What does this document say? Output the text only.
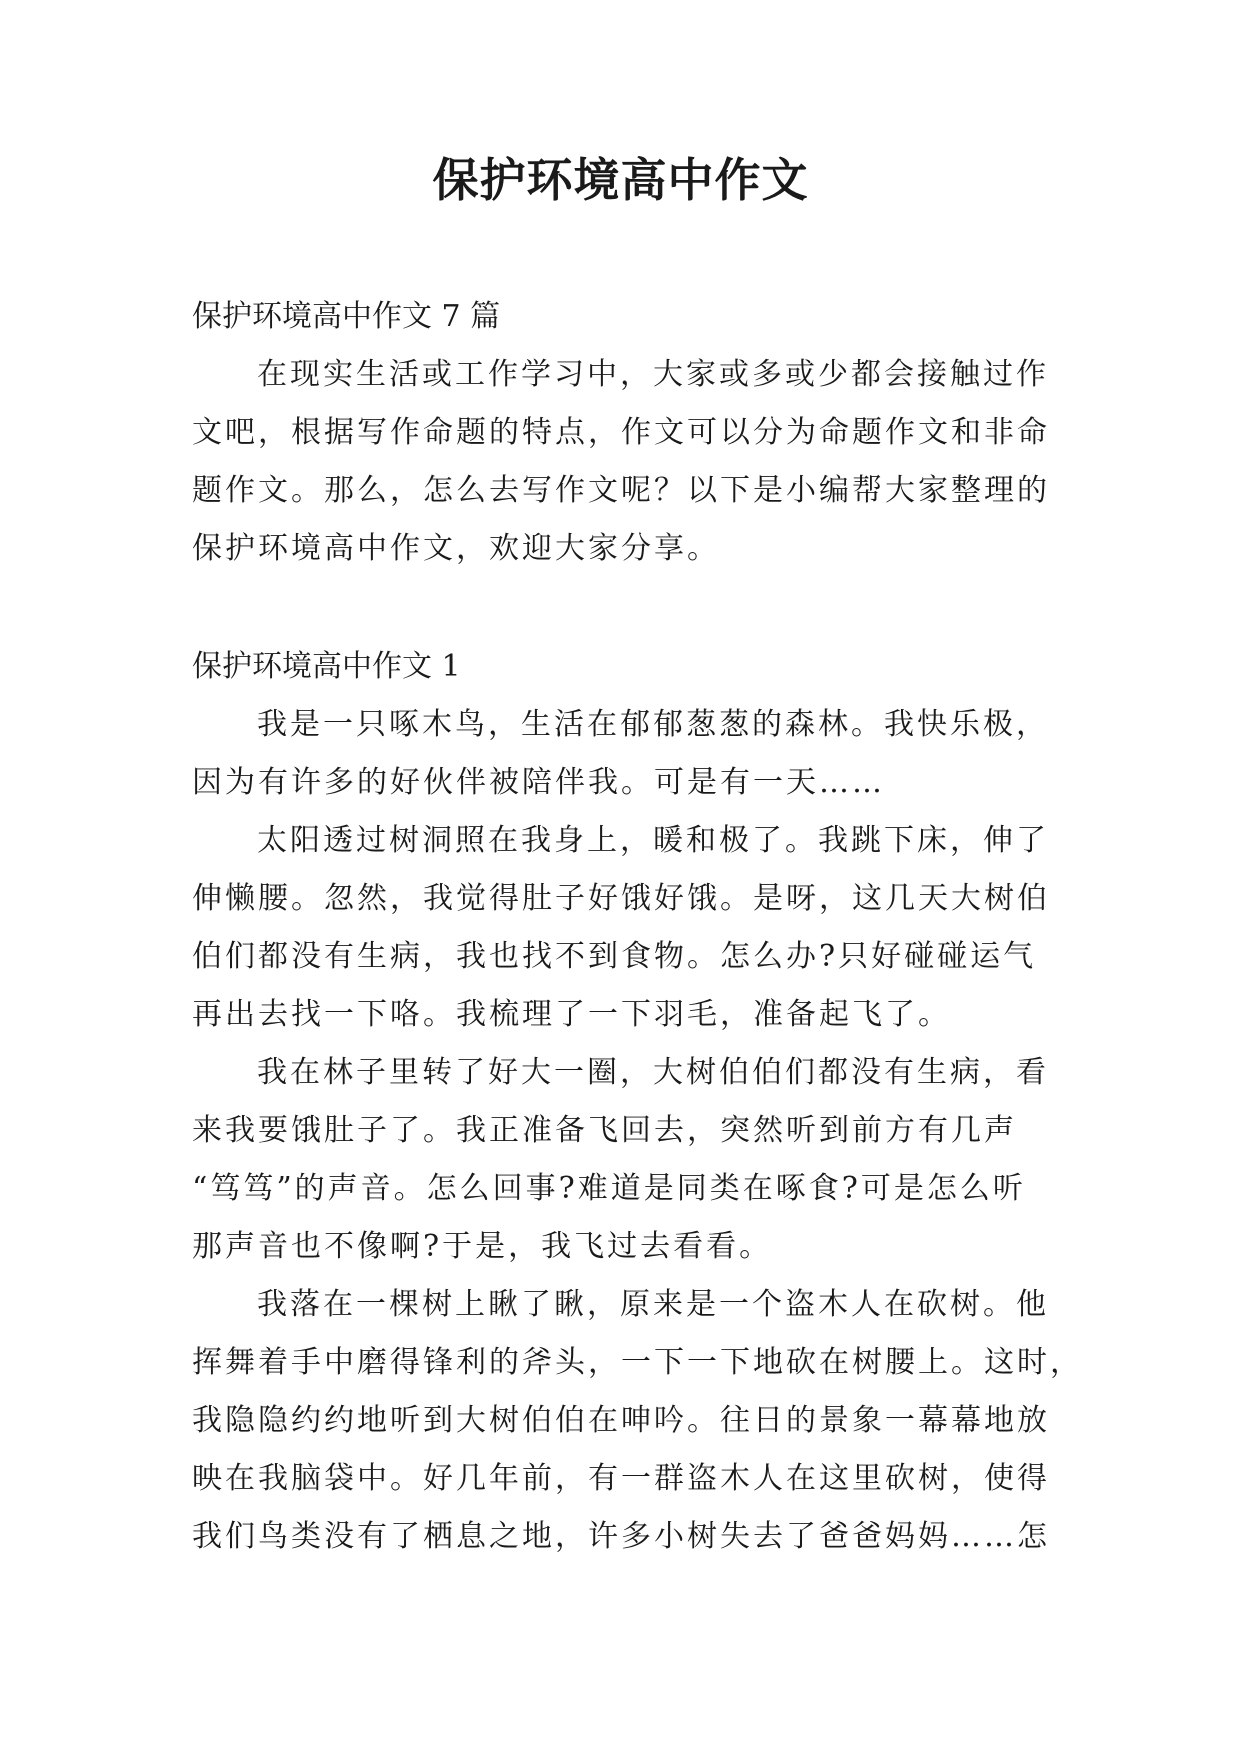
保护环境高中作文

保护环境高中作文 7 篇

在现实生活或工作学习中，大家或多或少都会接触过作

文吧，根据写作命题的特点，作文可以分为命题作文和非命

题作文。那么，怎么去写作文呢？以下是小编帮大家整理的

保护环境高中作文，欢迎大家分享。

保护环境高中作文 1

我是一只啄木鸟，生活在郁郁葱葱的森林。我快乐极，

因为有许多的好伙伴被陪伴我。可是有一天……

太阳透过树洞照在我身上，暖和极了。我跳下床，伸了

伸懒腰。忽然，我觉得肚子好饿好饿。是呀，这几天大树伯

伯们都没有生病，我也找不到食物。怎么办?只好碰碰运气

再出去找一下咯。我梳理了一下羽毛，准备起飞了。

我在林子里转了好大一圈，大树伯伯们都没有生病，看

来我要饿肚子了。我正准备飞回去，突然听到前方有几声

“笃笃”的声音。怎么回事?难道是同类在啄食?可是怎么听

那声音也不像啊?于是，我飞过去看看。

我落在一棵树上瞅了瞅，原来是一个盗木人在砍树。他

挥舞着手中磨得锋利的斧头，一下一下地砍在树腰上。这时，

我隐隐约约地听到大树伯伯在呻吟。往日的景象一幕幕地放

映在我脑袋中。好几年前，有一群盗木人在这里砍树，使得

我们鸟类没有了栖息之地，许多小树失去了爸爸妈妈……怎
